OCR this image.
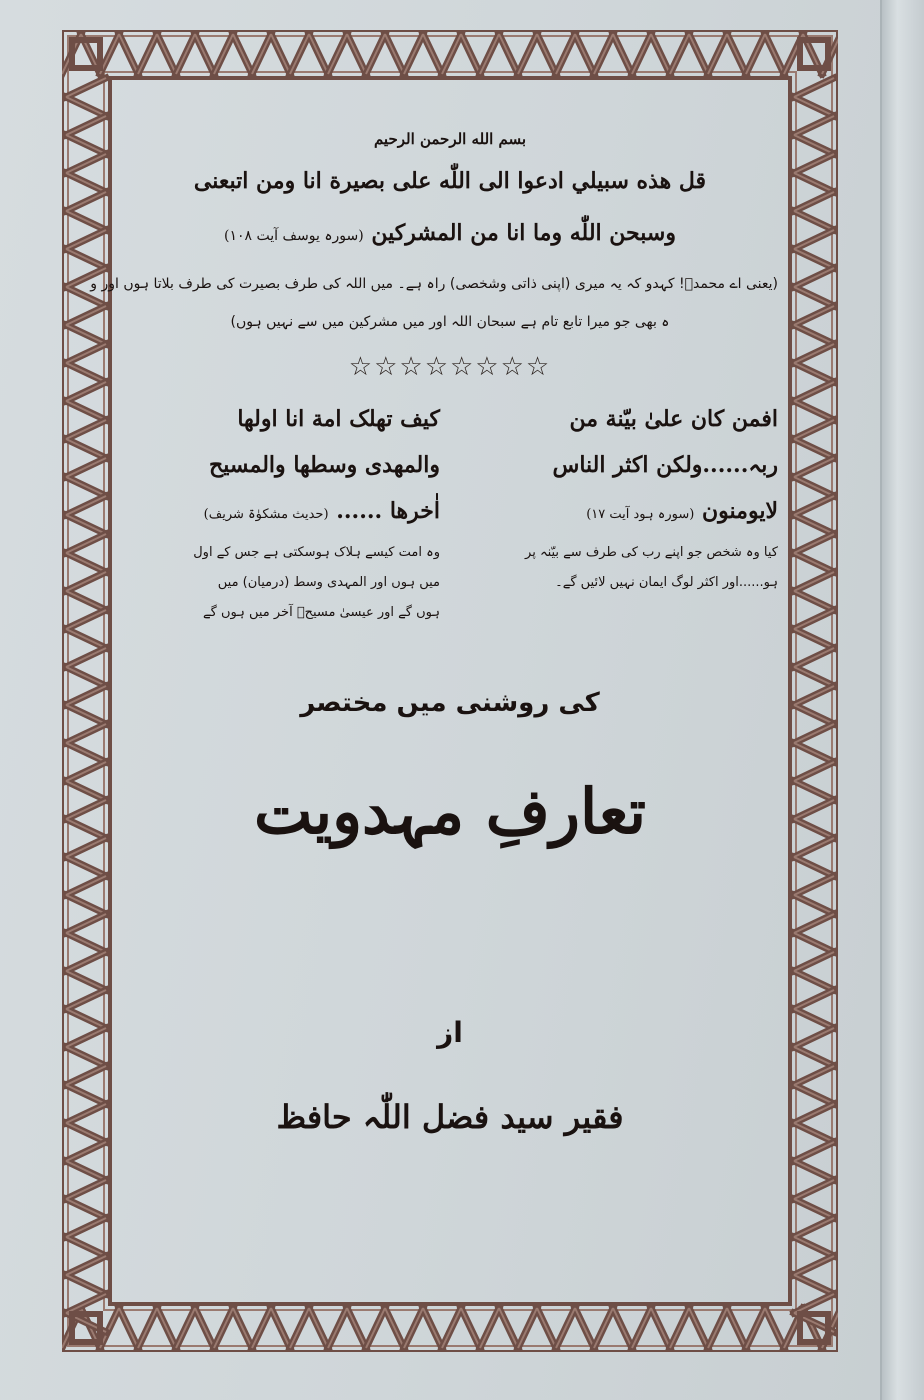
بسم الله الرحمن الرحيم
قل هذه سبيلي ادعوا الى اللّٰه على بصيرة انا ومن اتبعنی
وسبحن اللّٰه وما انا من المشرکین (سورہ یوسف آیت ۱۰۸)
(یعنی اے محمدؐ! کہدو کہ یہ میری (اپنی ذاتی وشخصی) راہ ہے۔ میں اللہ کی طرف بصیرت کی طرف بلاتا ہوں اور و
ہ بھی جو میرا تابع تام ہے سبحان اللہ اور میں مشرکین میں سے نہیں ہوں)
☆☆☆☆☆☆☆☆
افمن کان علیٰ بیّنة من
ربہ......ولکن اکثر الناس
لایومنون (سورہ ہود آیت ۱۷)
کیا وہ شخص جو اپنے رب کی طرف سے بیّنہ پر
ہو......اور اکثر لوگ ایمان نہیں لائیں گے۔
کیف تهلک امة انا اولها
والمهدی وسطها والمسیح
اٰخرها ...... (حدیث مشکوٰۃ شریف)
وہ امت کیسے ہلاک ہوسکتی ہے جس کے اول
میں ہوں اور المہدی وسط (درمیان) میں
ہوں گے اور عیسیٰ مسیحؑ آخر میں ہوں گے
کی روشنی میں مختصر
تعارفِ مہدویت
از
فقیر سید فضل اللّٰہ حافظ
